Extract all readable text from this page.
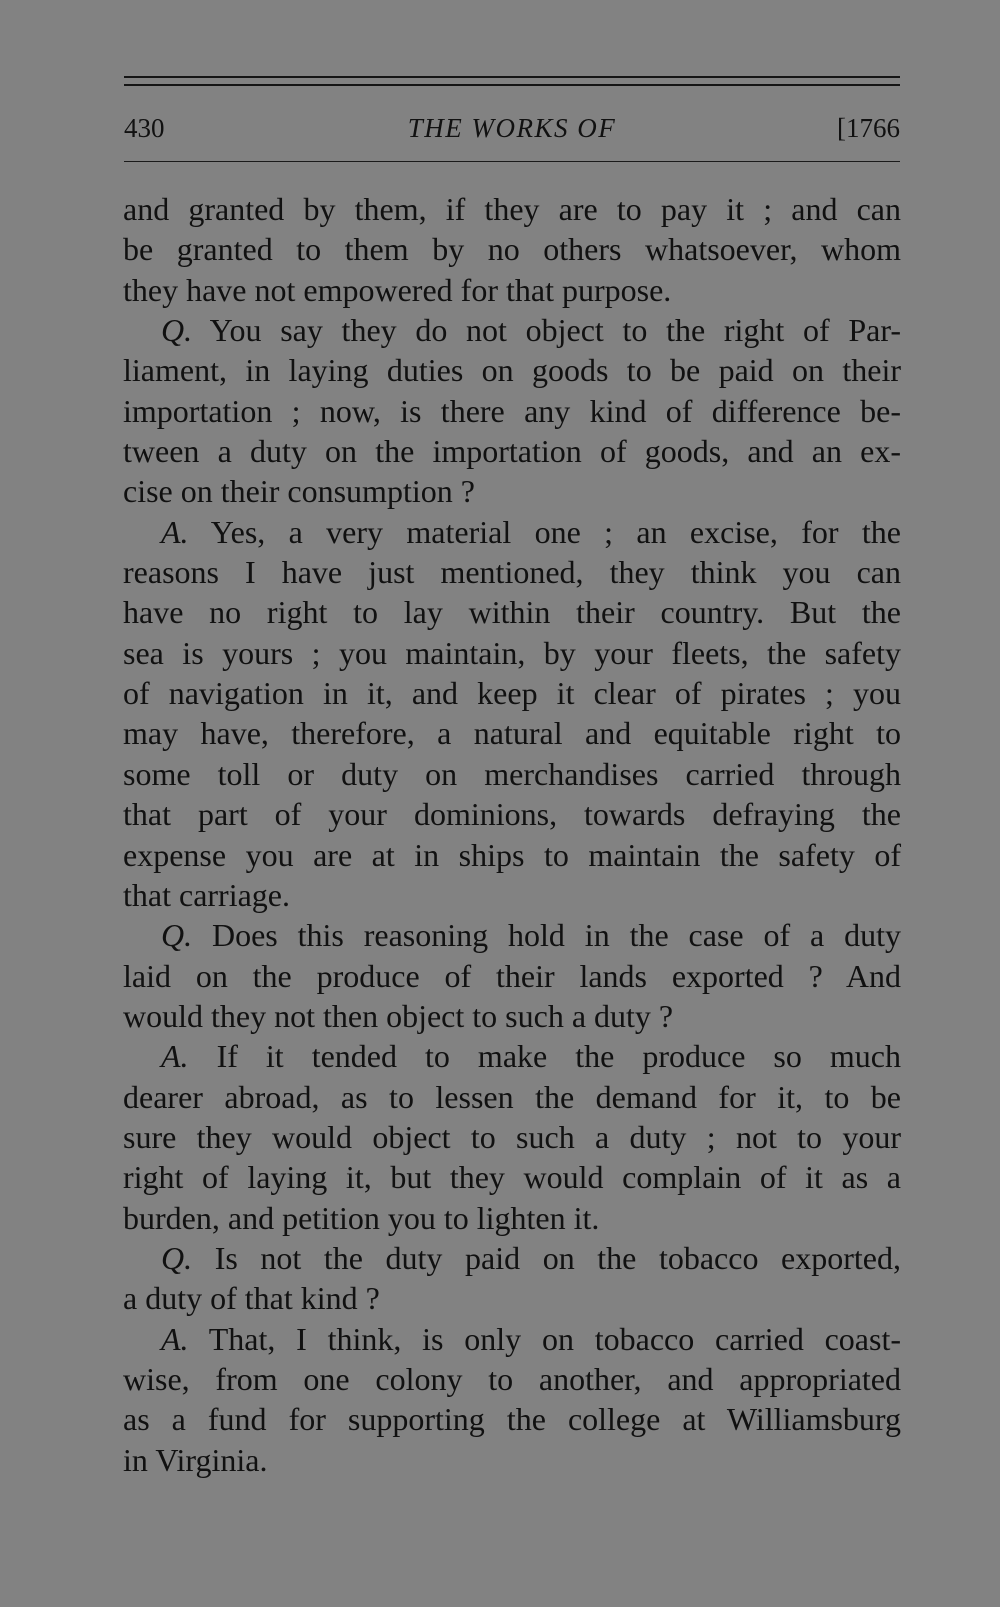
430	THE WORKS OF	[1766
and granted by them, if they are to pay it ; and can
be granted to them by no others whatsoever, whom
they have not empowered for that purpose.
Q. You say they do not object to the right of Par-
liament, in laying duties on goods to be paid on their
importation ; now, is there any kind of difference be-
tween a duty on the importation of goods, and an ex-
cise on their consumption ?
A. Yes, a very material one ; an excise, for the
reasons I have just mentioned, they think you can
have no right to lay within their country. But the
sea is yours ; you maintain, by your fleets, the safety
of navigation in it, and keep it clear of pirates ; you
may have, therefore, a natural and equitable right to
some toll or duty on merchandises carried through
that part of your dominions, towards defraying the
expense you are at in ships to maintain the safety of
that carriage.
Q. Does this reasoning hold in the case of a duty
laid on the produce of their lands exported ? And
would they not then object to such a duty ?
A. If it tended to make the produce so much
dearer abroad, as to lessen the demand for it, to be
sure they would object to such a duty ; not to your
right of laying it, but they would complain of it as a
burden, and petition you to lighten it.
Q. Is not the duty paid on the tobacco exported,
a duty of that kind ?
A. That, I think, is only on tobacco carried coast-
wise, from one colony to another, and appropriated
as a fund for supporting the college at Williamsburg
in Virginia.
